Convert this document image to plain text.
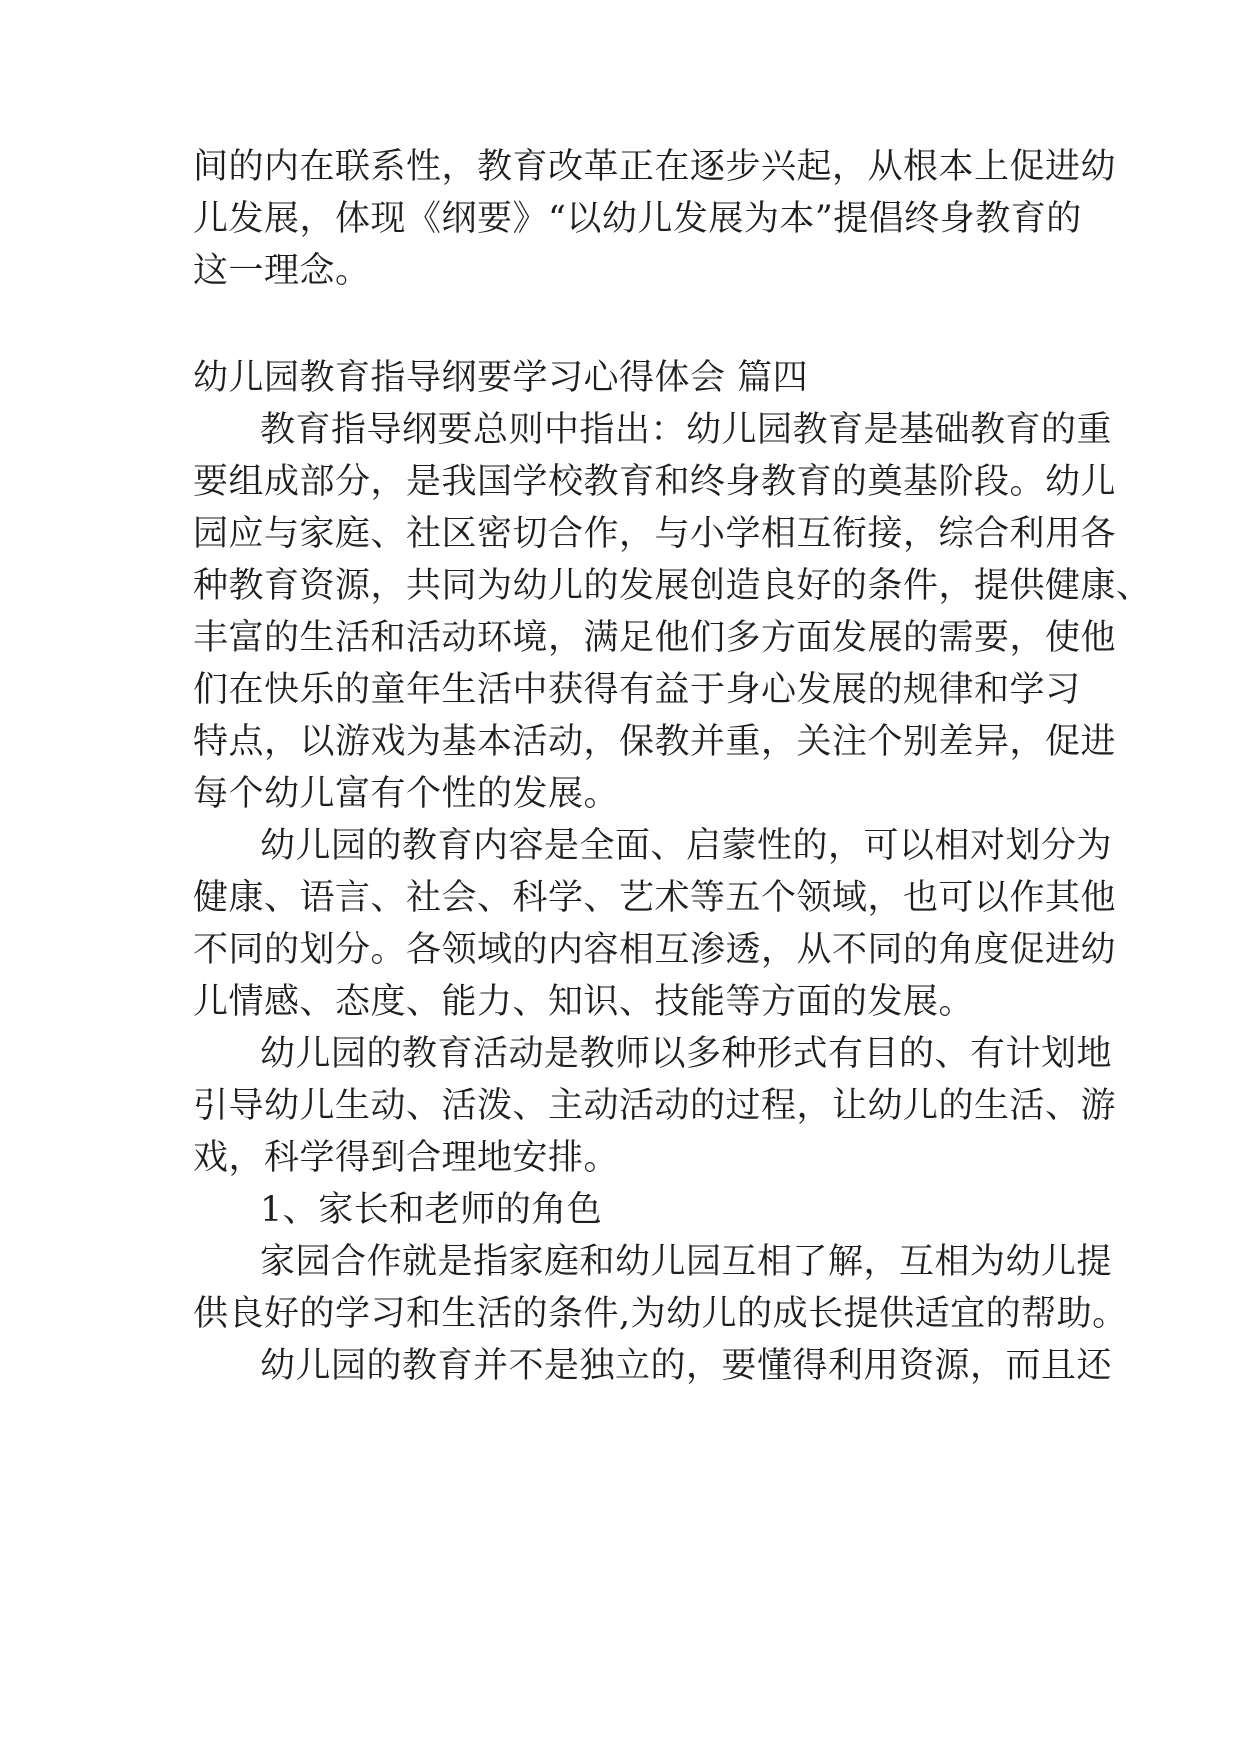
间的内在联系性，教育改革正在逐步兴起，从根本上促进幼
儿发展，体现《纲要》“以幼儿发展为本”提倡终身教育的
这一理念。
幼儿园教育指导纲要学习心得体会 篇四
教育指导纲要总则中指出：幼儿园教育是基础教育的重
要组成部分，是我国学校教育和终身教育的奠基阶段。幼儿
园应与家庭、社区密切合作，与小学相互衔接，综合利用各
种教育资源，共同为幼儿的发展创造良好的条件，提供健康、
丰富的生活和活动环境，满足他们多方面发展的需要，使他
们在快乐的童年生活中获得有益于身心发展的规律和学习
特点，以游戏为基本活动，保教并重，关注个别差异，促进
每个幼儿富有个性的发展。
幼儿园的教育内容是全面、启蒙性的，可以相对划分为
健康、语言、社会、科学、艺术等五个领域，也可以作其他
不同的划分。各领域的内容相互渗透，从不同的角度促进幼
儿情感、态度、能力、知识、技能等方面的发展。
幼儿园的教育活动是教师以多种形式有目的、有计划地
引导幼儿生动、活泼、主动活动的过程，让幼儿的生活、游
戏，科学得到合理地安排。
1、家长和老师的角色
家园合作就是指家庭和幼儿园互相了解，互相为幼儿提
供良好的学习和生活的条件,为幼儿的成长提供适宜的帮助。
幼儿园的教育并不是独立的，要懂得利用资源，而且还
